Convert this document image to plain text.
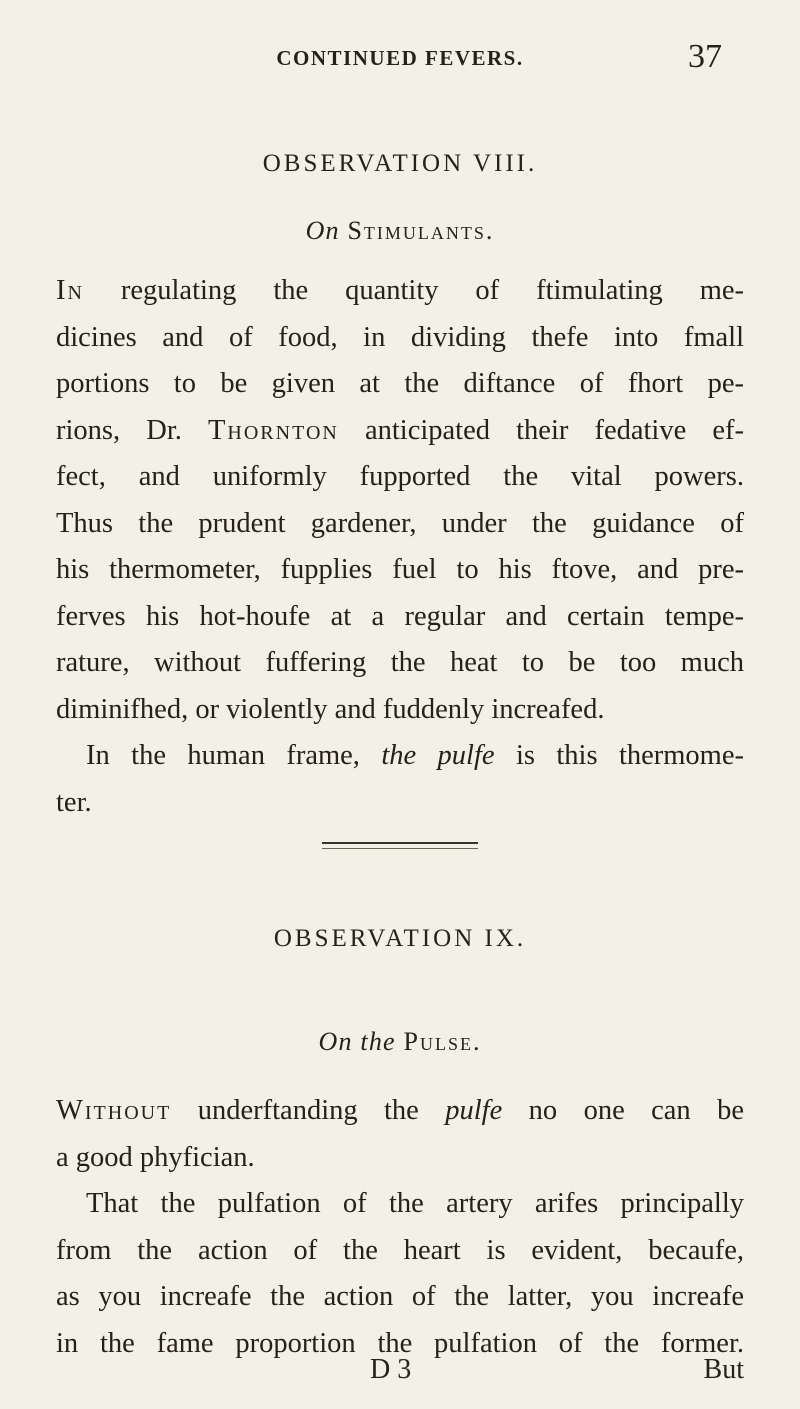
CONTINUED FEVERS.	37
OBSERVATION VIII.
On Stimulants.
In regulating the quantity of ftimulating me-
dicines and of food, in dividing thefe into fmall
portions to be given at the diftance of fhort pe-
rions, Dr. Thornton anticipated their fedative ef-
fect, and uniformly fupported the vital powers.
Thus the prudent gardener, under the guidance of
his thermometer, fupplies fuel to his ftove, and pre-
ferves his hot-houfe at a regular and certain tempe-
rature, without fuffering the heat to be too much
diminifhed, or violently and fuddenly increafed.
In the human frame, the pulfe is this thermome-
ter.
OBSERVATION IX.
On the Pulse.
Without underftanding the pulfe no one can be
a good phyfician.
That the pulfation of the artery arifes principally
from the action of the heart is evident, becaufe,
as you increafe the action of the latter, you increafe
in the fame proportion the pulfation of the former.
D 3	But
